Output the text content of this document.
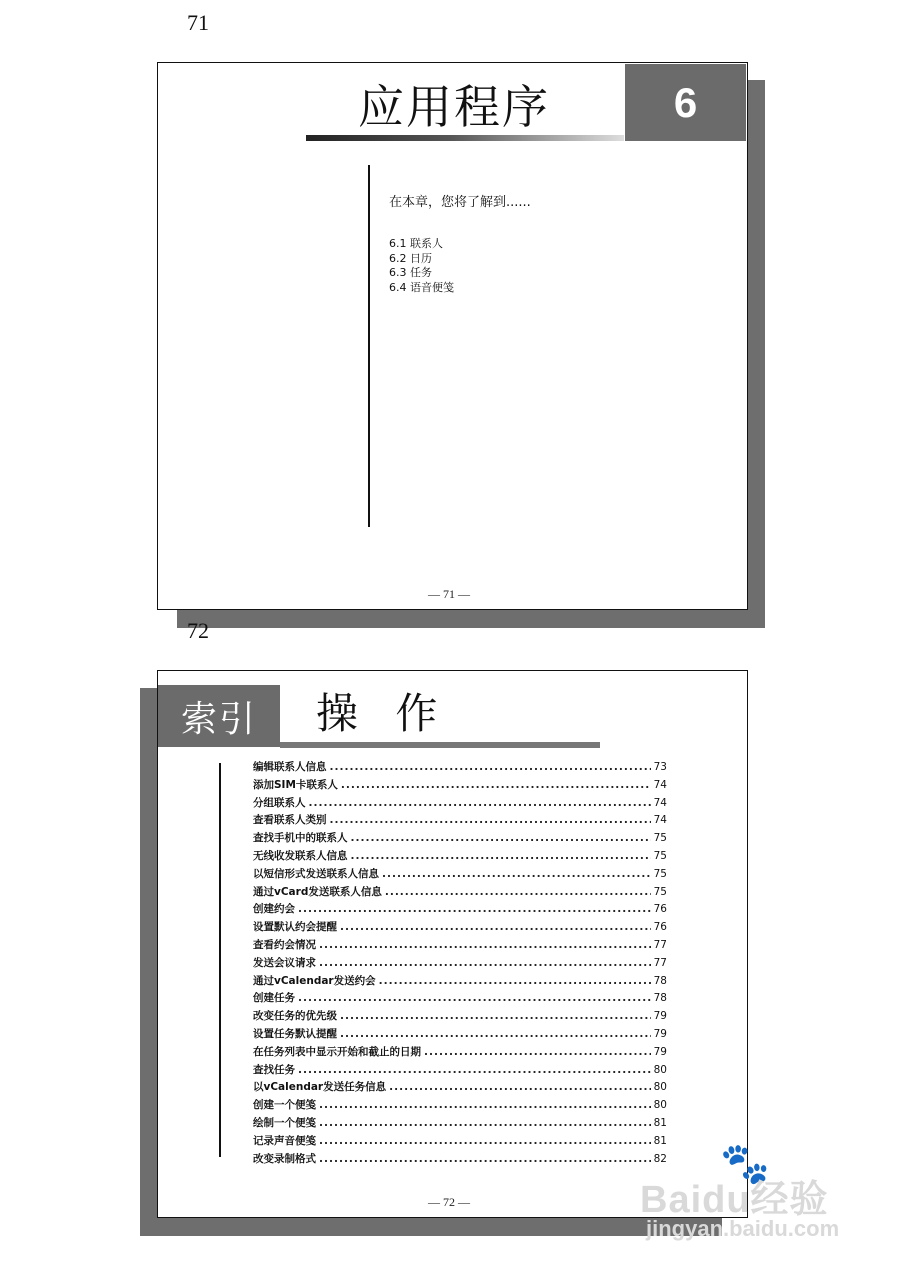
71
应用程序	6
在本章，您将了解到......
6.1 联系人
6.2 日历
6.3 任务
6.4 语音便笺
— 71 —
72
索引 操 作
编辑联系人信息 .....	73
添加SIM卡联系人 .....	74
分组联系人 .....	74
查看联系人类别 .....	74
查找手机中的联系人 .....	75
无线收发联系人信息 .....	75
以短信形式发送联系人信息 .....	75
通过vCard发送联系人信息 .....	75
创建约会 .....	76
设置默认约会提醒 .....	76
查看约会情况 .....	77
发送会议请求 .....	77
通过vCalendar发送约会 .....	78
创建任务 .....	78
改变任务的优先级 .....	79
设置任务默认提醒 .....	79
在任务列表中显示开始和截止的日期 .....	79
查找任务 .....	80
以vCalendar发送任务信息 .....	80
创建一个便笺 .....	80
绘制一个便笺 .....	81
记录声音便笺 .....	81
改变录制格式 .....	82
— 72 —
🐾
Baidu经验
jingyan.baidu.com
